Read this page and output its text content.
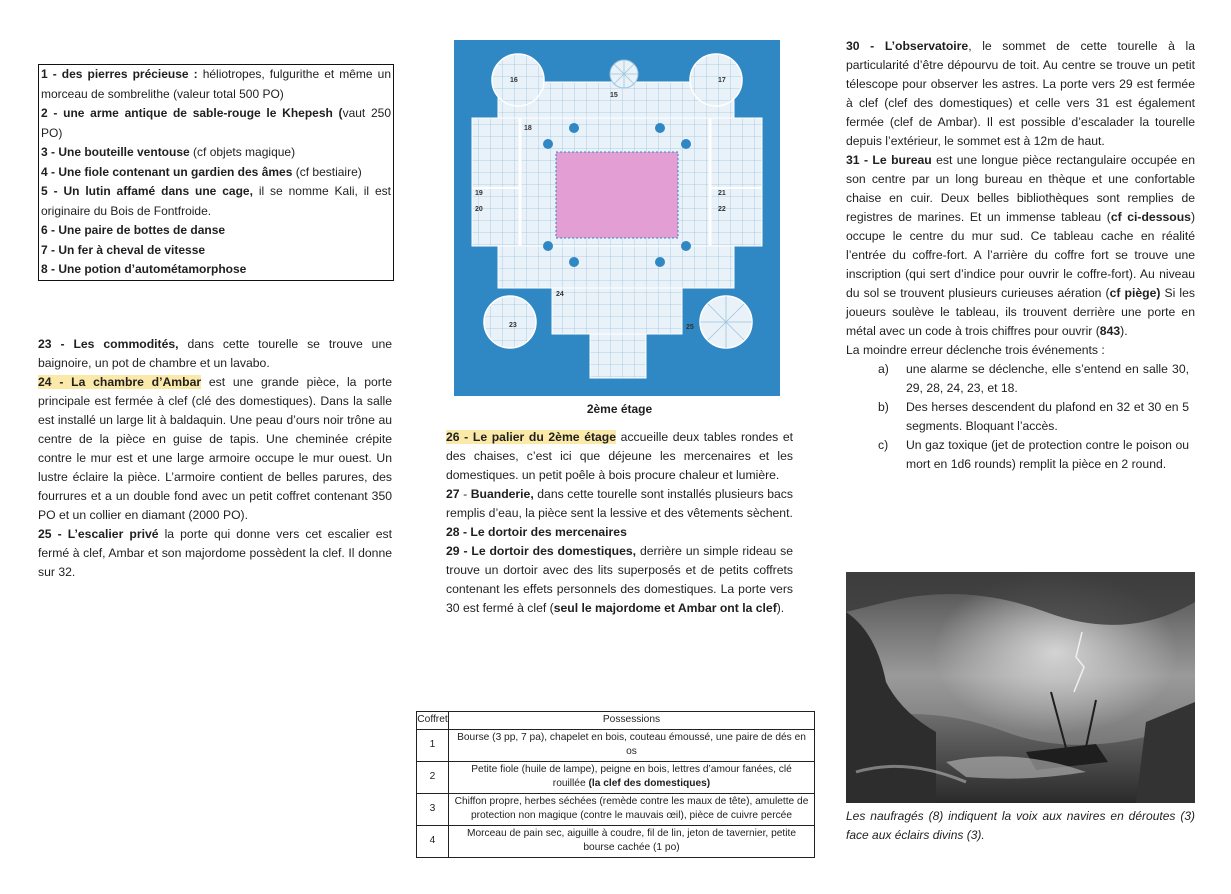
1 - des pierres précieuse : héliotropes, fulgurithe et même un morceau de sombrelithe (valeur total 500 PO)

2 - une arme antique de sable-rouge le Khepesh (vaut 250 PO)

3 - Une bouteille ventouse (cf objets magique)

4 - Une fiole contenant un gardien des âmes (cf bestiaire)

5 - Un lutin affamé dans une cage, il se nomme Kali, il est originaire du Bois de Fontfroide.

6 - Une paire de bottes de danse

7 - Un fer à cheval de vitesse

8 - Une potion d’autométamorphose

23 - Les commodités, dans cette tourelle se trouve une baignoire, un pot de chambre et un lavabo.

24 - La chambre d’Ambar est une grande pièce, la porte principale est fermée à clef (clé des domestiques). Dans la salle est installé un large lit à baldaquin. Une peau d’ours noir trône au centre de la pièce en guise de tapis. Une cheminée crépite contre le mur est et une large armoire occupe le mur ouest. Un lustre éclaire la pièce. L’armoire contient de belles parures, des fourrures et a un double fond avec un petit coffret contenant 350 PO et un collier en diamant (2000 PO).

25 - L’escalier privé la porte qui donne vers cet escalier est fermé à clef, Ambar et son majordome possèdent la clef. Il donne sur 32.

15
16	17
18
19
20
21
22
23
24
25
2ème étage

26 - Le palier du 2ème étage accueille deux tables rondes et des chaises, c’est ici que déjeune les mercenaires et les domestiques. un petit poêle à bois procure chaleur et lumière.

27 - Buanderie, dans cette tourelle sont installés plusieurs bacs remplis d’eau, la pièce sent la lessive et des vêtements sèchent.

28 - Le dortoir des mercenaires

29 - Le dortoir des domestiques, derrière un simple rideau se trouve un dortoir avec des lits superposés et de petits coffrets contenant les effets personnels des domestiques. La porte vers 30 est fermé à clef (seul le majordome et Ambar ont la clef).

Coffret	Possessions
1	Bourse (3 pp, 7 pa), chapelet en bois, couteau émoussé, une paire de dés en os
2	Petite fiole (huile de lampe), peigne en bois, lettres d’amour fanées, clé rouillée (la clef des domestiques)
3	Chiffon propre, herbes séchées (remède contre les maux de tête), amulette de protection non magique (contre le mauvais œil), pièce de cuivre percée
4	Morceau de pain sec, aiguille à coudre, fil de lin, jeton de tavernier, petite bourse cachée (1 po)

30 - L’observatoire, le sommet de cette tourelle à la particularité d’être dépourvu de toit. Au centre se trouve un petit télescope pour observer les astres. La porte vers 29 est fermée à clef (clef des domestiques) et celle vers 31 est également fermée (clef de Ambar). Il est possible d’escalader la tourelle depuis l’extérieur, le sommet est à 12m de haut.

31 - Le bureau est une longue pièce rectangulaire occupée en son centre par un long bureau en thèque et une confortable chaise en cuir. Deux belles bibliothèques sont remplies de registres de marines. Et un immense tableau (cf ci-dessous) occupe le centre du mur sud. Ce tableau cache en réalité l’entrée du coffre-fort. A l’arrière du coffre fort se trouve une inscription (qui sert d’indice pour ouvrir le coffre-fort). Au niveau du sol se trouvent plusieurs curieuses aération (cf piège) Si les joueurs soulève le tableau, ils trouvent derrière une porte en métal avec un code à trois chiffres pour ouvrir (843).

La moindre erreur déclenche trois événements :

a) une alarme se déclenche, elle s’entend en salle 30, 29, 28, 24, 23, et 18.
b) Des herses descendent du plafond en 32 et 30 en 5 segments. Bloquant l’accès.
c) Un gaz toxique (jet de protection contre le poison ou mort en 1d6 rounds) remplit la pièce en 2 round.

Les naufragés (8) indiquent la voix aux navires en déroutes (3) face aux éclairs divins (3).
